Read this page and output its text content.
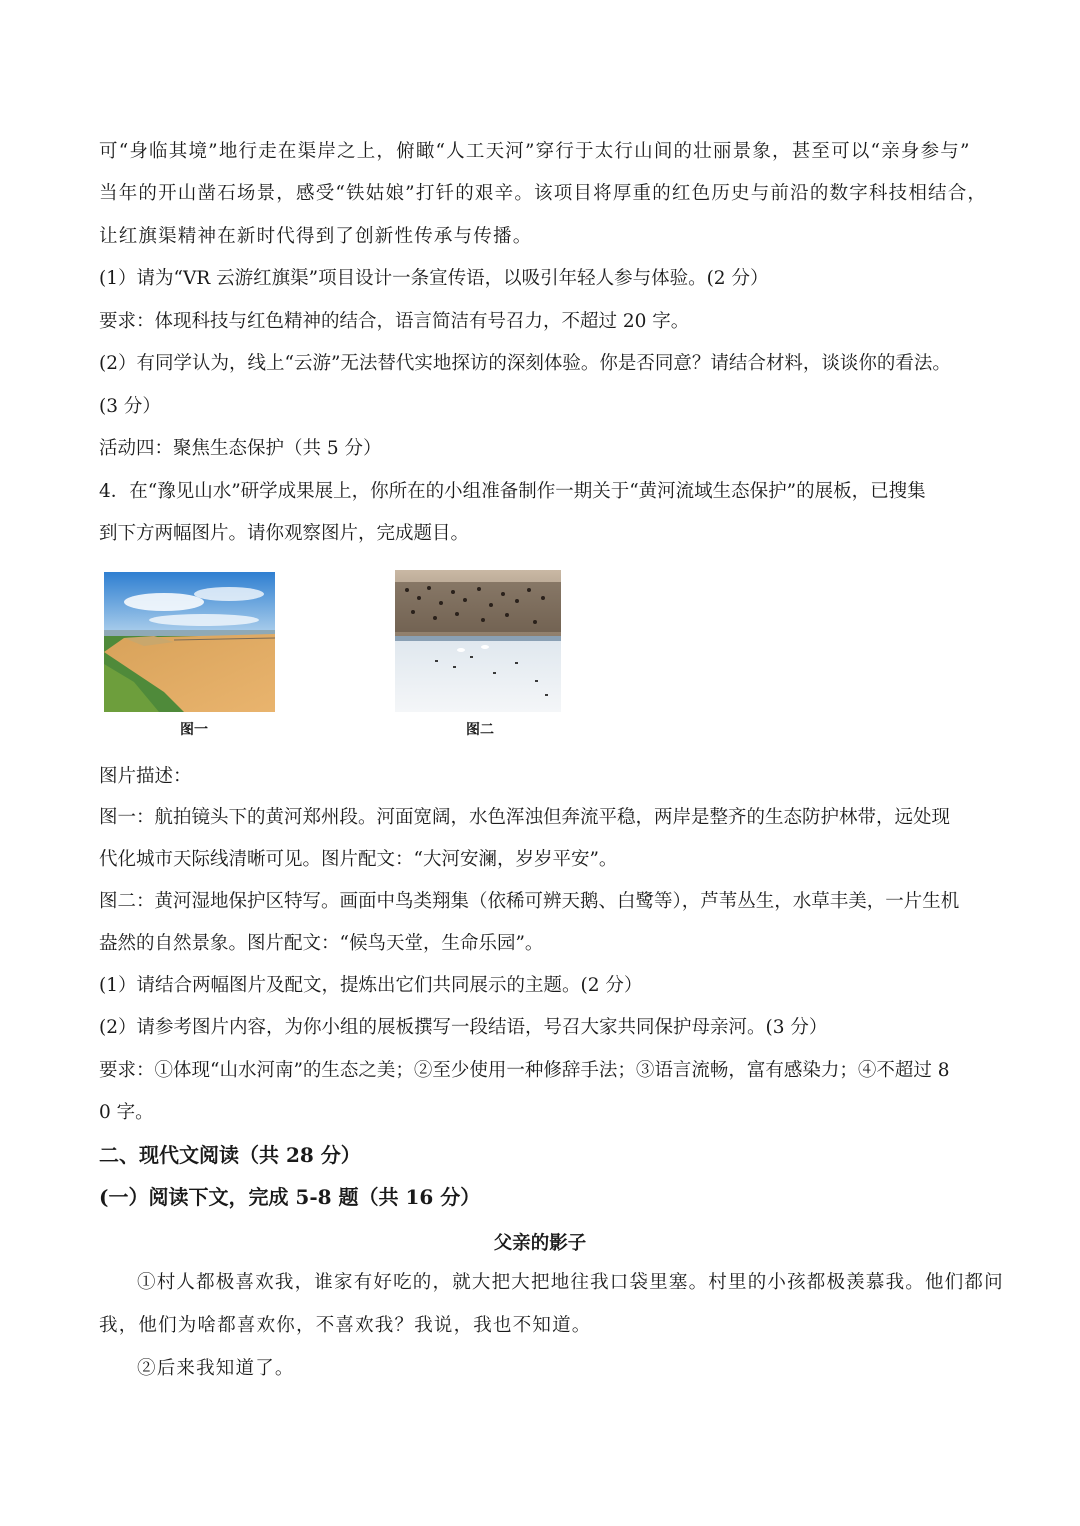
可“身临其境”地行走在渠岸之上，俯瞰“人工天河”穿行于太行山间的壮丽景象，甚至可以“亲身参与”
当年的开山凿石场景，感受“铁姑娘”打钎的艰辛。该项目将厚重的红色历史与前沿的数字科技相结合，
让红旗渠精神在新时代得到了创新性传承与传播。
(1）请为“VR 云游红旗渠”项目设计一条宣传语，以吸引年轻人参与体验。(2 分）
要求：体现科技与红色精神的结合，语言简洁有号召力，不超过 20 字。
(2）有同学认为，线上“云游”无法替代实地探访的深刻体验。你是否同意？请结合材料，谈谈你的看法。
(3 分）
活动四：聚焦生态保护（共 5 分）
4．在“豫见山水”研学成果展上，你所在的小组准备制作一期关于“黄河流域生态保护”的展板，已搜集
到下方两幅图片。请你观察图片，完成题目。
图一	图二
图片描述：
图一：航拍镜头下的黄河郑州段。河面宽阔，水色浑浊但奔流平稳，两岸是整齐的生态防护林带，远处现
代化城市天际线清晰可见。图片配文：“大河安澜，岁岁平安”。
图二：黄河湿地保护区特写。画面中鸟类翔集（依稀可辨天鹅、白鹭等），芦苇丛生，水草丰美，一片生机
盎然的自然景象。图片配文：“候鸟天堂，生命乐园”。
(1）请结合两幅图片及配文，提炼出它们共同展示的主题。(2 分）
(2）请参考图片内容，为你小组的展板撰写一段结语，号召大家共同保护母亲河。(3 分）
要求：①体现“山水河南”的生态之美；②至少使用一种修辞手法；③语言流畅，富有感染力；④不超过 8
0 字。
二、现代文阅读（共 28 分）
(一）阅读下文，完成 5-8 题（共 16 分）
父亲的影子
①村人都极喜欢我，谁家有好吃的，就大把大把地往我口袋里塞。村里的小孩都极羡慕我。他们都问
我，他们为啥都喜欢你，不喜欢我？我说，我也不知道。
②后来我知道了。
